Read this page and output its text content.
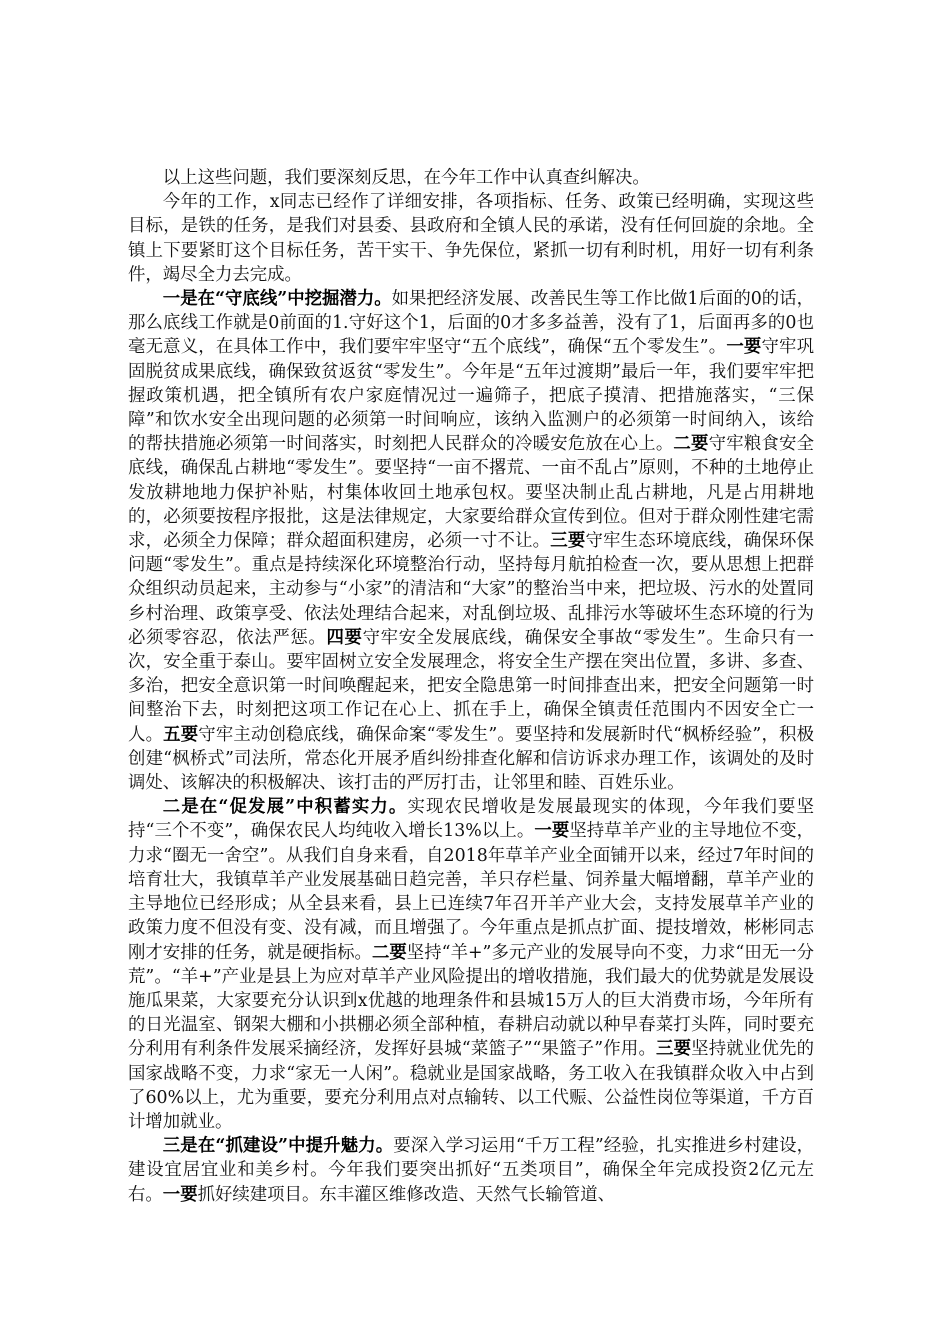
以上这些问题，我们要深刻反思，在今年工作中认真查纠解决。

今年的工作，x同志已经作了详细安排，各项指标、任务、政策已经明确，实现这些目标，是铁的任务，是我们对县委、县政府和全镇人民的承诺，没有任何回旋的余地。全镇上下要紧盯这个目标任务，苦干实干、争先保位，紧抓一切有利时机，用好一切有利条件，竭尽全力去完成。

一是在“守底线”中挖掘潜力。如果把经济发展、改善民生等工作比做1后面的0的话，那么底线工作就是0前面的1.守好这个1，后面的0才多多益善，没有了1，后面再多的0也毫无意义，在具体工作中，我们要牢牢坚守“五个底线”，确保“五个零发生”。一要守牢巩固脱贫成果底线，确保致贫返贫“零发生”。今年是“五年过渡期”最后一年，我们要牢牢把握政策机遇，把全镇所有农户家庭情况过一遍筛子，把底子摸清、把措施落实，“三保障”和饮水安全出现问题的必须第一时间响应，该纳入监测户的必须第一时间纳入，该给的帮扶措施必须第一时间落实，时刻把人民群众的冷暖安危放在心上。二要守牢粮食安全底线，确保乱占耕地“零发生”。要坚持“一亩不撂荒、一亩不乱占”原则，不种的土地停止发放耕地地力保护补贴，村集体收回土地承包权。要坚决制止乱占耕地，凡是占用耕地的，必须要按程序报批，这是法律规定，大家要给群众宣传到位。但对于群众刚性建宅需求，必须全力保障；群众超面积建房，必须一寸不让。三要守牢生态环境底线，确保环保问题“零发生”。重点是持续深化环境整治行动，坚持每月航拍检查一次，要从思想上把群众组织动员起来，主动参与“小家”的清洁和“大家”的整治当中来，把垃圾、污水的处置同乡村治理、政策享受、依法处理结合起来，对乱倒垃圾、乱排污水等破坏生态环境的行为必须零容忍，依法严惩。四要守牢安全发展底线，确保安全事故“零发生”。生命只有一次，安全重于泰山。要牢固树立安全发展理念，将安全生产摆在突出位置，多讲、多查、多治，把安全意识第一时间唤醒起来，把安全隐患第一时间排查出来，把安全问题第一时间整治下去，时刻把这项工作记在心上、抓在手上，确保全镇责任范围内不因安全亡一人。五要守牢主动创稳底线，确保命案“零发生”。要坚持和发展新时代“枫桥经验”，积极创建“枫桥式”司法所，常态化开展矛盾纠纷排查化解和信访诉求办理工作，该调处的及时调处、该解决的积极解决、该打击的严厉打击，让邻里和睦、百姓乐业。

二是在“促发展”中积蓄实力。实现农民增收是发展最现实的体现，今年我们要坚持“三个不变”，确保农民人均纯收入增长13%以上。一要坚持草羊产业的主导地位不变，力求“圈无一舍空”。从我们自身来看，自2018年草羊产业全面铺开以来，经过7年时间的培育壮大，我镇草羊产业发展基础日趋完善，羊只存栏量、饲养量大幅增翻，草羊产业的主导地位已经形成；从全县来看，县上已连续7年召开羊产业大会，支持发展草羊产业的政策力度不但没有变、没有减，而且增强了。今年重点是抓点扩面、提技增效，彬彬同志刚才安排的任务，就是硬指标。二要坚持“羊+”多元产业的发展导向不变，力求“田无一分荒”。“羊+”产业是县上为应对草羊产业风险提出的增收措施，我们最大的优势就是发展设施瓜果菜，大家要充分认识到x优越的地理条件和县城15万人的巨大消费市场，今年所有的日光温室、钢架大棚和小拱棚必须全部种植，春耕启动就以种早春菜打头阵，同时要充分利用有利条件发展采摘经济，发挥好县城“菜篮子”“果篮子”作用。三要坚持就业优先的国家战略不变，力求“家无一人闲”。稳就业是国家战略，务工收入在我镇群众收入中占到了60%以上，尤为重要，要充分利用点对点输转、以工代赈、公益性岗位等渠道，千方百计增加就业。

三是在“抓建设”中提升魅力。要深入学习运用“千万工程”经验，扎实推进乡村建设，建设宜居宜业和美乡村。今年我们要突出抓好“五类项目”，确保全年完成投资2亿元左右。一要抓好续建项目。东丰灌区维修改造、天然气长输管道、
